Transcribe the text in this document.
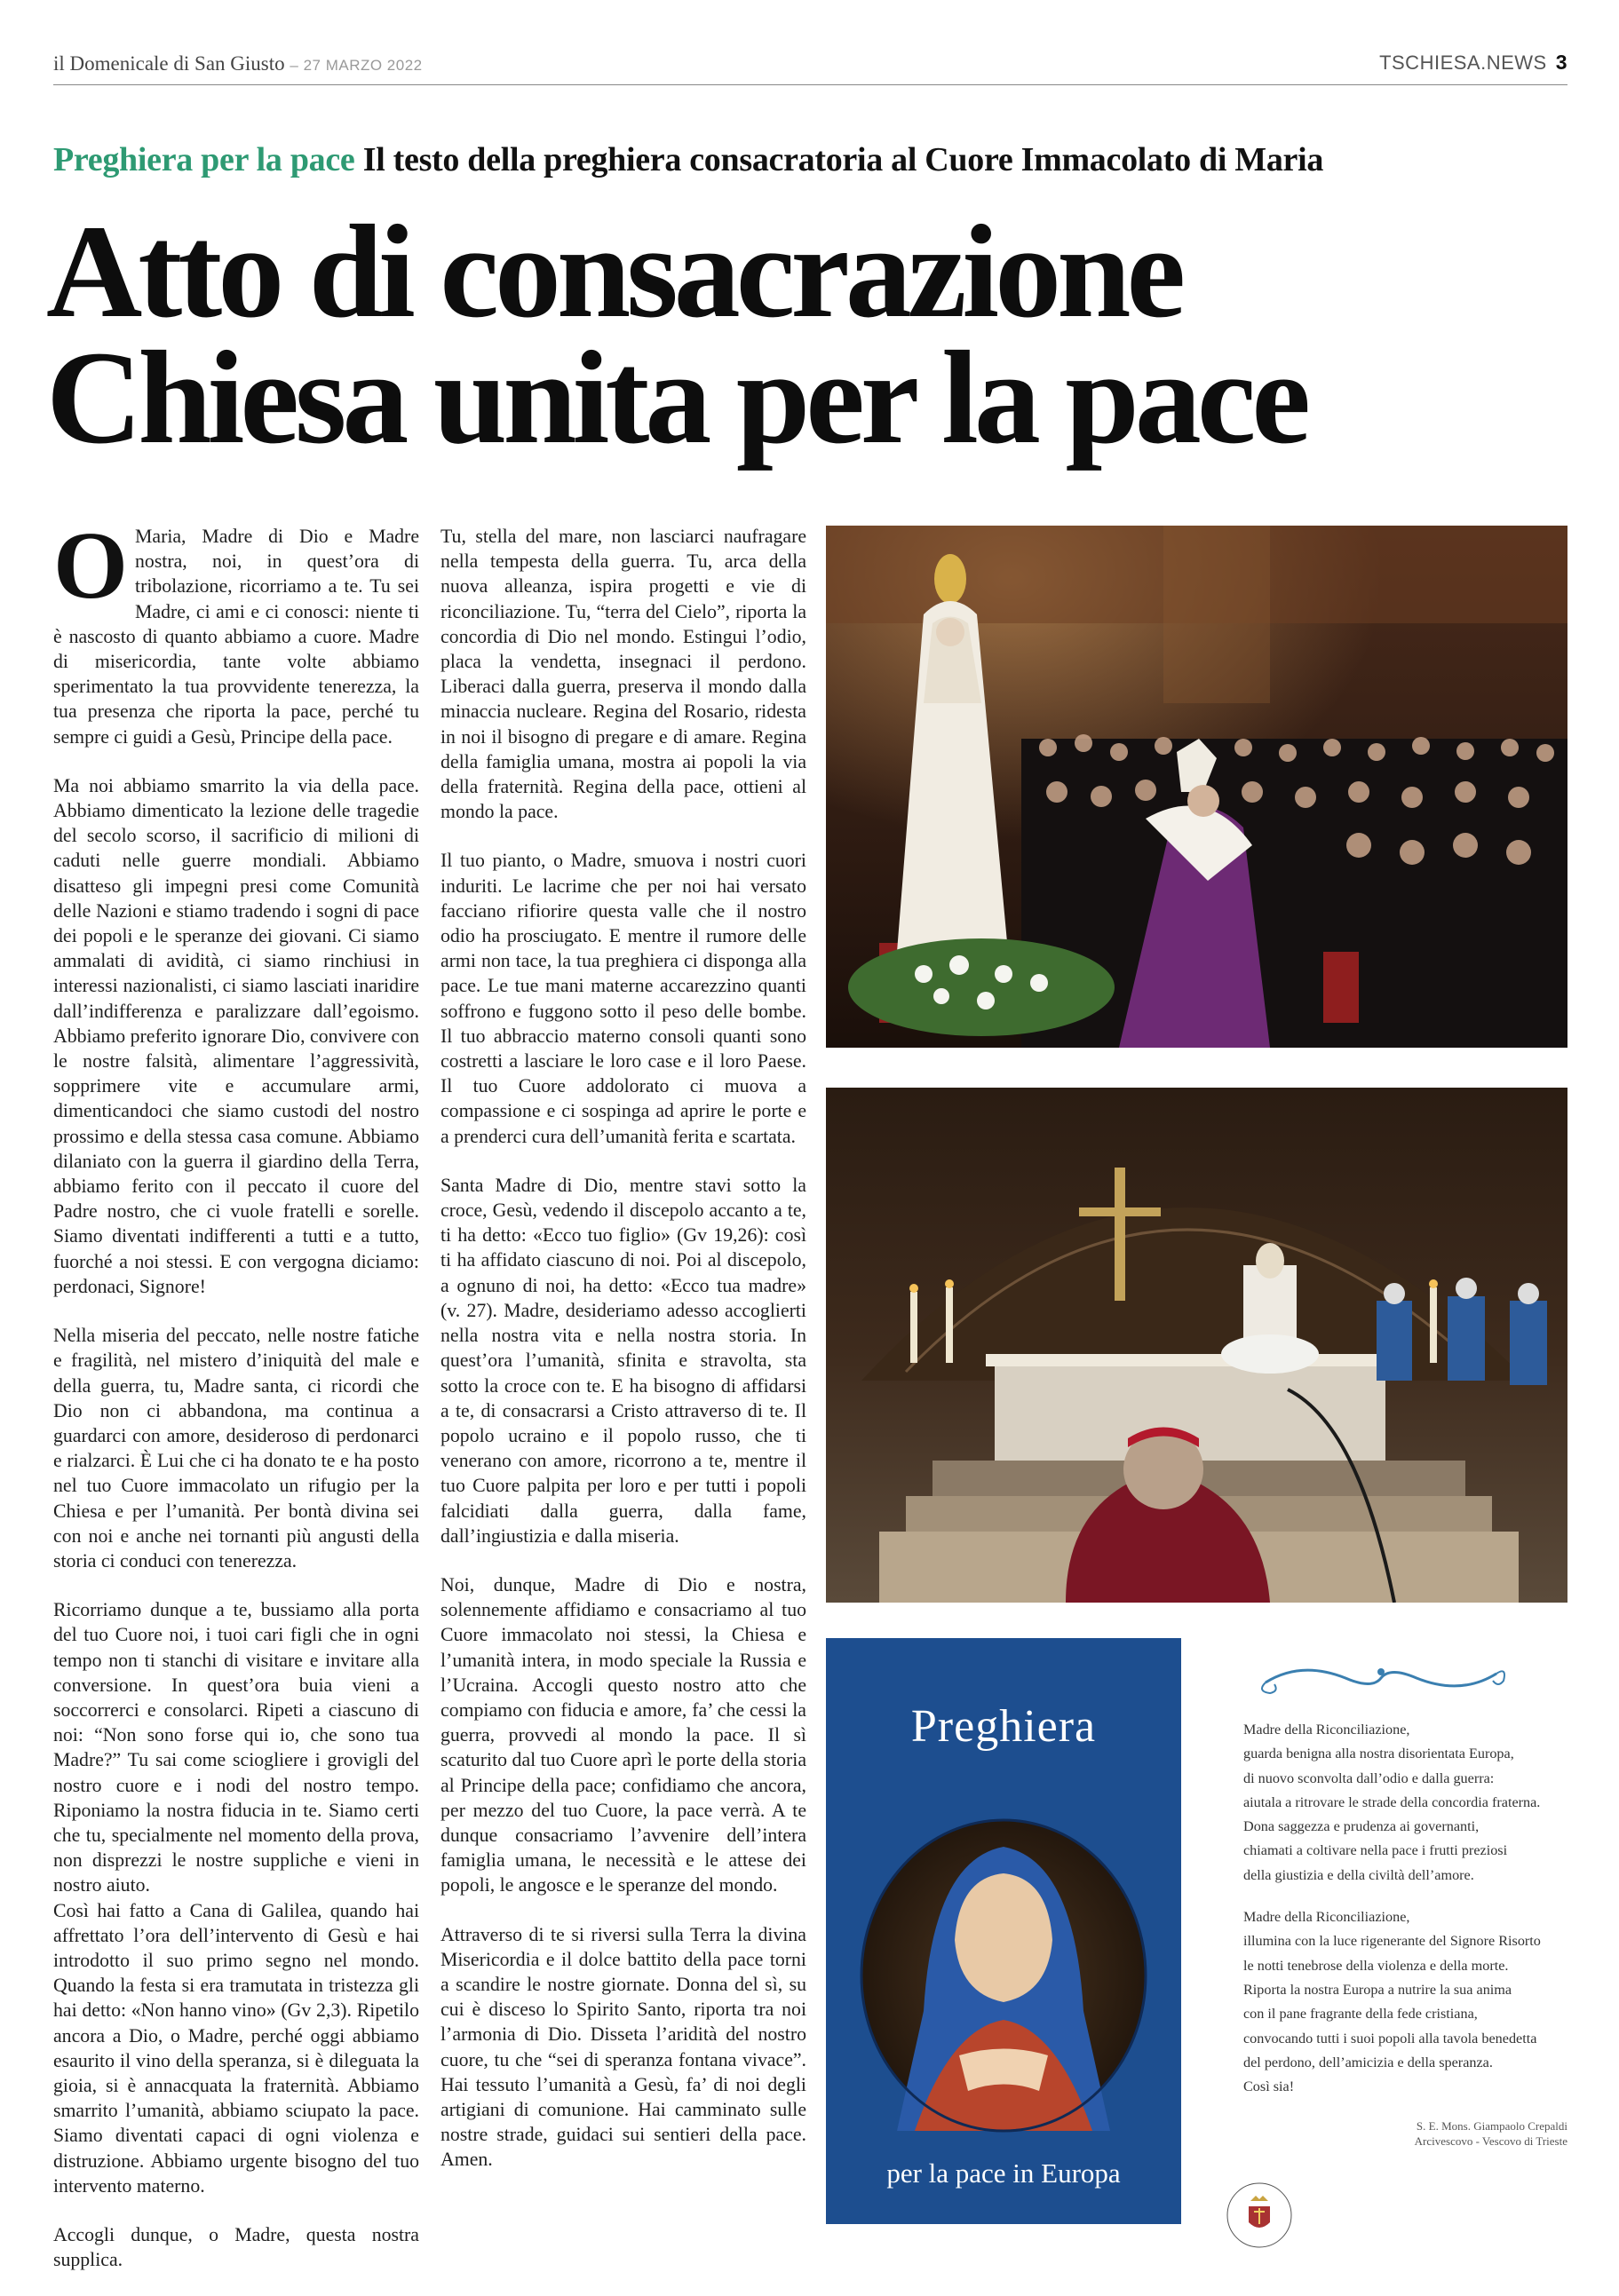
il Domenicale di San Giusto – 27 MARZO 2022	TSCHIESA.NEWS 3
Preghiera per la pace Il testo della preghiera consacratoria al Cuore Immacolato di Maria
Atto di consacrazione
Chiesa unita per la pace

O Maria, Madre di Dio e Madre nostra, noi, in quest’ora di tribolazione, ricorriamo a te. Tu sei Madre, ci ami e ci conosci: niente ti è nascosto di quanto abbiamo a cuore. Madre di misericordia, tante volte abbiamo sperimentato la tua provvidente tenerezza, la tua presenza che riporta la pace, perché tu sempre ci guidi a Gesù, Principe della pace.

Ma noi abbiamo smarrito la via della pace. Abbiamo dimenticato la lezione delle tragedie del secolo scorso, il sacrificio di milioni di caduti nelle guerre mondiali. Abbiamo disatteso gli impegni presi come Comunità delle Nazioni e stiamo tradendo i sogni di pace dei popoli e le speranze dei giovani. Ci siamo ammalati di avidità, ci siamo rinchiusi in interessi nazionalisti, ci siamo lasciati inaridire dall’indifferenza e paralizzare dall’egoismo. Abbiamo preferito ignorare Dio, convivere con le nostre falsità, alimentare l’aggressività, sopprimere vite e accumulare armi, dimenticandoci che siamo custodi del nostro prossimo e della stessa casa comune. Abbiamo dilaniato con la guerra il giardino della Terra, abbiamo ferito con il peccato il cuore del Padre nostro, che ci vuole fratelli e sorelle. Siamo diventati indifferenti a tutti e a tutto, fuorché a noi stessi. E con vergogna diciamo: perdonaci, Signore!

Nella miseria del peccato, nelle nostre fatiche e fragilità, nel mistero d’iniquità del male e della guerra, tu, Madre santa, ci ricordi che Dio non ci abbandona, ma continua a guardarci con amore, desideroso di perdonarci e rialzarci. È Lui che ci ha donato te e ha posto nel tuo Cuore immacolato un rifugio per la Chiesa e per l’umanità. Per bontà divina sei con noi e anche nei tornanti più angusti della storia ci conduci con tenerezza.

Ricorriamo dunque a te, bussiamo alla porta del tuo Cuore noi, i tuoi cari figli che in ogni tempo non ti stanchi di visitare e invitare alla conversione. In quest’ora buia vieni a soccorrerci e consolarci. Ripeti a ciascuno di noi: “Non sono forse qui io, che sono tua Madre?” Tu sai come sciogliere i grovigli del nostro cuore e i nodi del nostro tempo. Riponiamo la nostra fiducia in te. Siamo certi che tu, specialmente nel momento della prova, non disprezzi le nostre suppliche e vieni in nostro aiuto.

Così hai fatto a Cana di Galilea, quando hai affrettato l’ora dell’intervento di Gesù e hai introdotto il suo primo segno nel mondo. Quando la festa si era tramutata in tristezza gli hai detto: «Non hanno vino» (Gv 2,3). Ripetilo ancora a Dio, o Madre, perché oggi abbiamo esaurito il vino della speranza, si è dileguata la gioia, si è annacquata la fraternità. Abbiamo smarrito l’umanità, abbiamo sciupato la pace. Siamo diventati capaci di ogni violenza e distruzione. Abbiamo urgente bisogno del tuo intervento materno.

Accogli dunque, o Madre, questa nostra supplica.

Tu, stella del mare, non lasciarci naufragare nella tempesta della guerra. Tu, arca della nuova alleanza, ispira progetti e vie di riconciliazione. Tu, “terra del Cielo”, riporta la concordia di Dio nel mondo. Estingui l’odio, placa la vendetta, insegnaci il perdono. Liberaci dalla guerra, preserva il mondo dalla minaccia nucleare. Regina del Rosario, ridesta in noi il bisogno di pregare e di amare. Regina della famiglia umana, mostra ai popoli la via della fraternità. Regina della pace, ottieni al mondo la pace.

Il tuo pianto, o Madre, smuova i nostri cuori induriti. Le lacrime che per noi hai versato facciano rifiorire questa valle che il nostro odio ha prosciugato. E mentre il rumore delle armi non tace, la tua preghiera ci disponga alla pace. Le tue mani materne accarezzino quanti soffrono e fuggono sotto il peso delle bombe. Il tuo abbraccio materno consoli quanti sono costretti a lasciare le loro case e il loro Paese. Il tuo Cuore addolorato ci muova a compassione e ci sospinga ad aprire le porte e a prenderci cura dell’umanità ferita e scartata.

Santa Madre di Dio, mentre stavi sotto la croce, Gesù, vedendo il discepolo accanto a te, ti ha detto: «Ecco tuo figlio» (Gv 19,26): così ti ha affidato ciascuno di noi. Poi al discepolo, a ognuno di noi, ha detto: «Ecco tua madre» (v. 27). Madre, desideriamo adesso accoglierti nella nostra vita e nella nostra storia. In quest’ora l’umanità, sfinita e stravolta, sta sotto la croce con te. E ha bisogno di affidarsi a te, di consacrarsi a Cristo attraverso di te. Il popolo ucraino e il popolo russo, che ti venerano con amore, ricorrono a te, mentre il tuo Cuore palpita per loro e per tutti i popoli falcidiati dalla guerra, dalla fame, dall’ingiustizia e dalla miseria.

Noi, dunque, Madre di Dio e nostra, solennemente affidiamo e consacriamo al tuo Cuore immacolato noi stessi, la Chiesa e l’umanità intera, in modo speciale la Russia e l’Ucraina. Accogli questo nostro atto che compiamo con fiducia e amore, fa’ che cessi la guerra, provvedi al mondo la pace. Il sì scaturito dal tuo Cuore aprì le porte della storia al Principe della pace; confidiamo che ancora, per mezzo del tuo Cuore, la pace verrà. A te dunque consacriamo l’avvenire dell’intera famiglia umana, le necessità e le attese dei popoli, le angosce e le speranze del mondo.

Attraverso di te si riversi sulla Terra la divina Misericordia e il dolce battito della pace torni a scandire le nostre giornate. Donna del sì, su cui è disceso lo Spirito Santo, riporta tra noi l’armonia di Dio. Disseta l’aridità del nostro cuore, tu che “sei di speranza fontana vivace”. Hai tessuto l’umanità a Gesù, fa’ di noi degli artigiani di comunione. Hai camminato sulle nostre strade, guidaci sui sentieri della pace. Amen.

Preghiera
per la pace in Europa

Madre della Riconciliazione,
guarda benigna alla nostra disorientata Europa,
di nuovo sconvolta dall’odio e dalla guerra:
aiutala a ritrovare le strade della concordia fraterna.
Dona saggezza e prudenza ai governanti,
chiamati a coltivare nella pace i frutti preziosi
della giustizia e della civiltà dell’amore.

Madre della Riconciliazione,
illumina con la luce rigenerante del Signore Risorto
le notti tenebrose della violenza e della morte.
Riporta la nostra Europa a nutrire la sua anima
con il pane fragrante della fede cristiana,
convocando tutti i suoi popoli alla tavola benedetta
del perdono, dell’amicizia e della speranza.
Così sia!

S. E. Mons. Giampaolo Crepaldi
Arcivescovo - Vescovo di Trieste
